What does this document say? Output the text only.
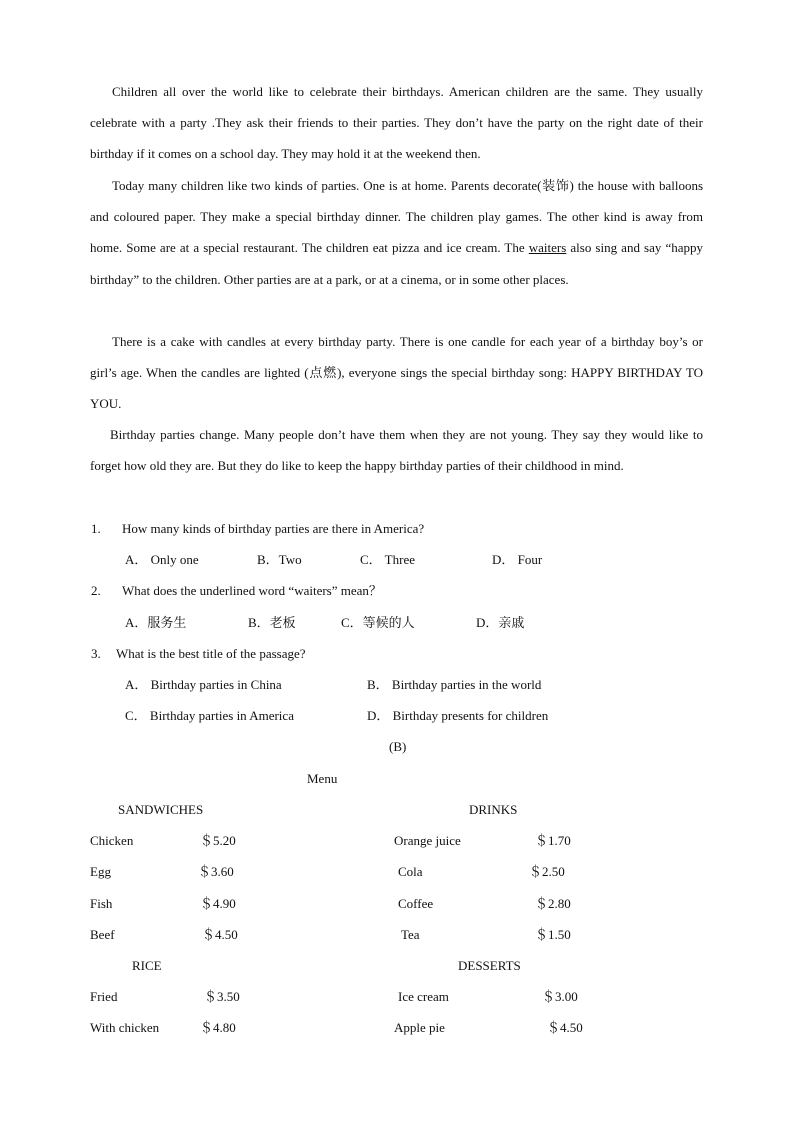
Children all over the world like to celebrate their birthdays. American children are the same. They usually celebrate with a party .They ask their friends to their parties. They don’t have the party on the right date of their birthday if it comes on a school day. They may hold it at the weekend then.

Today many children like two kinds of parties. One is at home. Parents decorate(装饰) the house with balloons and coloured paper. They make a special birthday dinner. The children play games. The other kind is away from home. Some are at a special restaurant. The children eat pizza and ice cream. The waiters also sing and say “happy birthday” to the children. Other parties are at a park, or at a cinema, or in some other places.

There is a cake with candles at every birthday party. There is one candle for each year of a birthday boy’s or girl’s age. When the candles are lighted (点燃), everyone sings the special birthday song: HAPPY BIRTHDAY TO YOU.

Birthday parties change. Many people don’t have them when they are not young. They say they would like to forget how old they are. But they do like to keep the happy birthday parties of their childhood in mind.

1. How many kinds of birthday parties are there in America?
A． Only one	B．Two	C． Three	D． Four
2. What does the underlined word “waiters” mean？
A．服务生	B．老板	C．等候的人	D．亲戚
3. What is the best title of the passage?
A． Birthday parties in China	B． Birthday parties in the world
C． Birthday parties in America	D． Birthday presents for children
(B)
Menu
SANDWICHES
Chicken	＄5.20
Egg	＄3.60
Fish	＄4.90
Beef	＄4.50
DRINKS
Orange juice	＄1.70
Cola	＄2.50
Coffee	＄2.80
Tea	＄1.50
RICE
Fried	＄3.50
With chicken	＄4.80
DESSERTS
Ice cream	＄3.00
Apple pie	＄4.50
